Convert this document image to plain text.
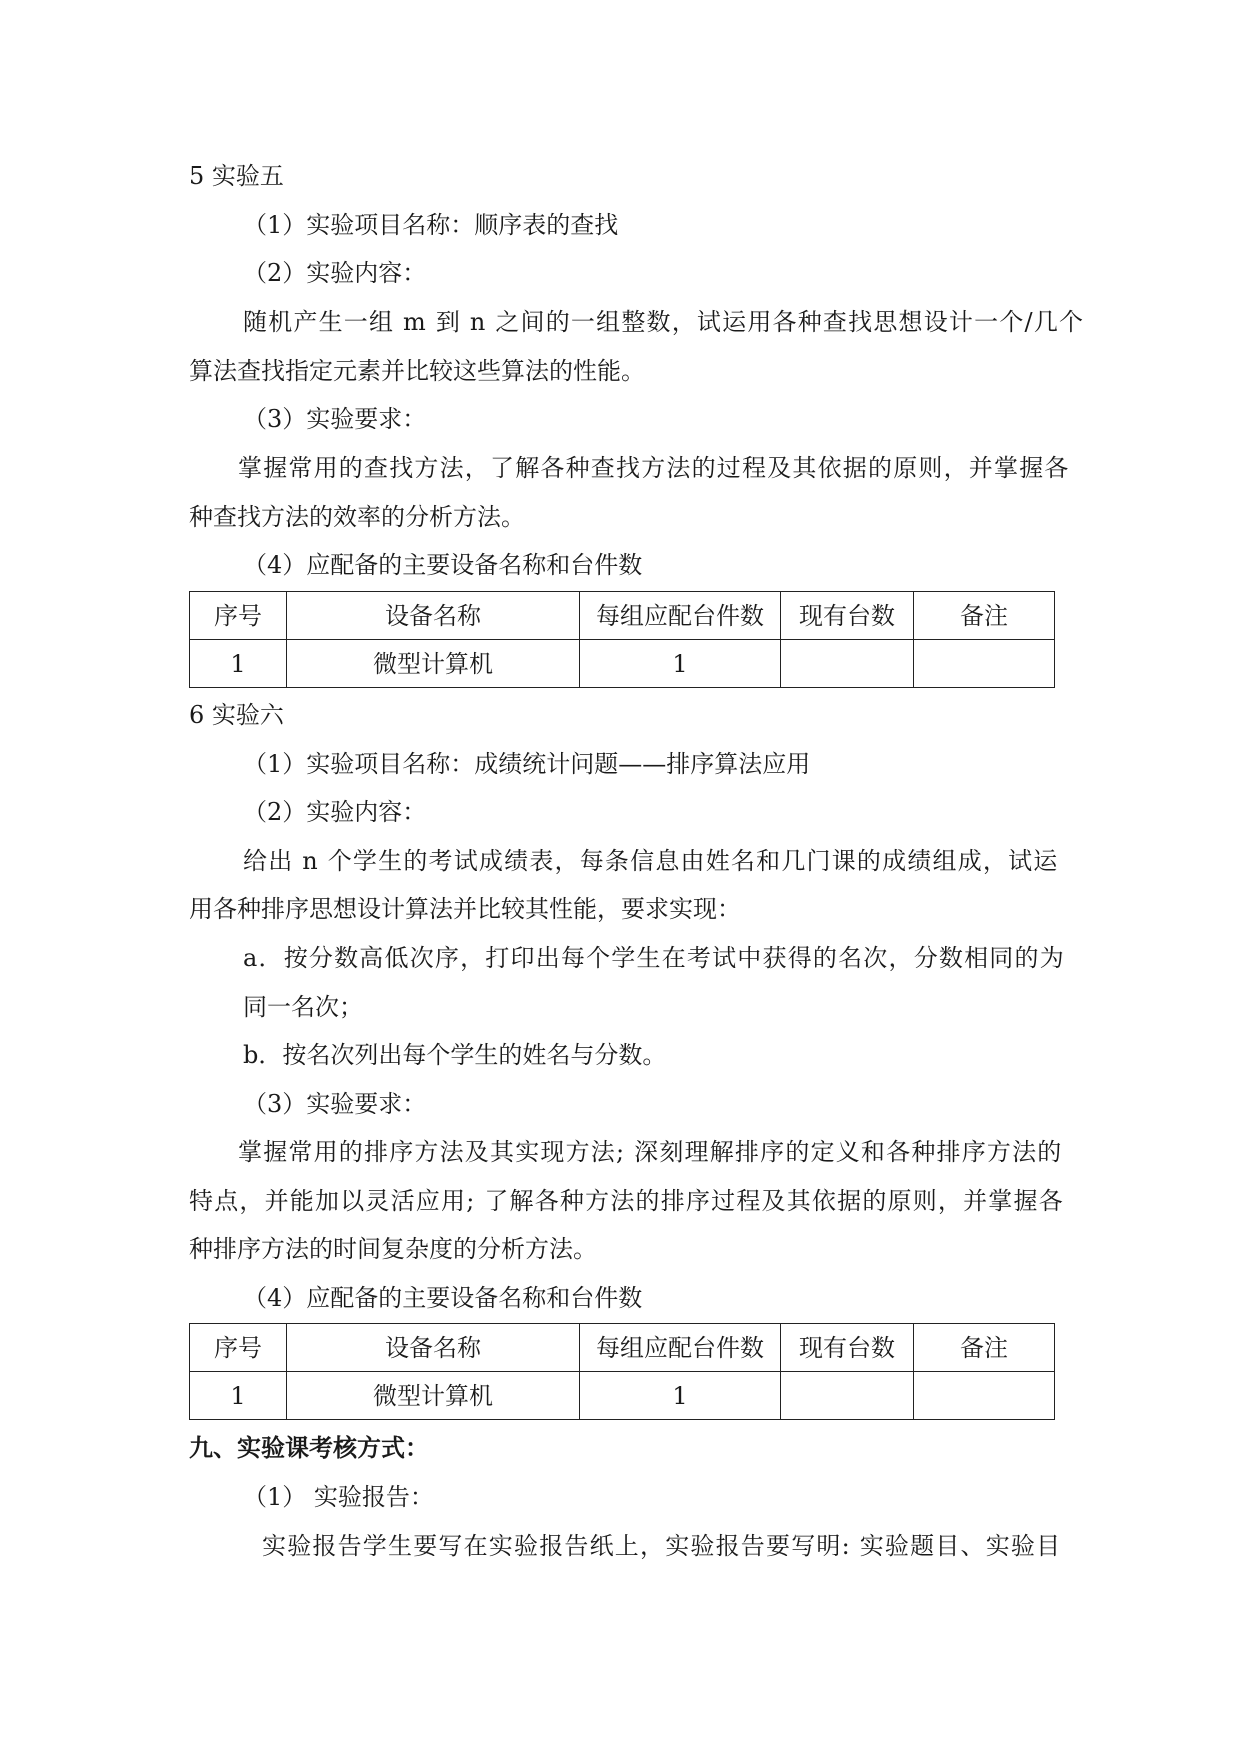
5 实验五
（1）实验项目名称：顺序表的查找
（2）实验内容：
随机产生一组 m 到 n 之间的一组整数，试运用各种查找思想设计一个/几个
算法查找指定元素并比较这些算法的性能。
（3）实验要求：
掌握常用的查找方法，了解各种查找方法的过程及其依据的原则，并掌握各
种查找方法的效率的分析方法。
（4）应配备的主要设备名称和台件数
序号	设备名称	每组应配台件数	现有台数	备注
1	微型计算机	1		
6 实验六
（1）实验项目名称：成绩统计问题——排序算法应用
（2）实验内容：
给出 n 个学生的考试成绩表，每条信息由姓名和几门课的成绩组成，试运
用各种排序思想设计算法并比较其性能，要求实现：
a．按分数高低次序，打印出每个学生在考试中获得的名次，分数相同的为
同一名次；
b．按名次列出每个学生的姓名与分数。
（3）实验要求：
掌握常用的排序方法及其实现方法; 深刻理解排序的定义和各种排序方法的
特点，并能加以灵活应用; 了解各种方法的排序过程及其依据的原则，并掌握各
种排序方法的时间复杂度的分析方法。
（4）应配备的主要设备名称和台件数
序号	设备名称	每组应配台件数	现有台数	备注
1	微型计算机	1		
九、实验课考核方式：
（1） 实验报告：
实验报告学生要写在实验报告纸上，实验报告要写明: 实验题目、实验目
